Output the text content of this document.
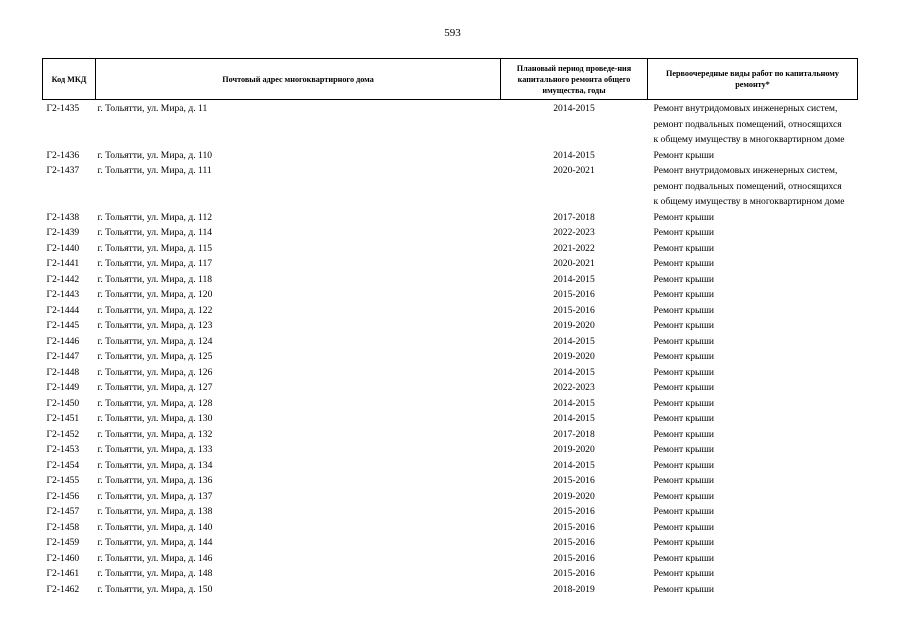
593
Код МКД	Почтовый адрес многоквартирного дома	Плановый период проведе-ния капитального ремонта общего имущества, годы	Первоочередные виды работ по капитальному ремонту*
Г2-1435	г. Тольятти, ул. Мира, д. 11	2014-2015	Ремонт внутридомовых инженерных систем, ремонт подвальных помещений, относящихся к общему имуществу в многоквартирном доме
Г2-1436	г. Тольятти, ул. Мира, д. 110	2014-2015	Ремонт крыши
Г2-1437	г. Тольятти, ул. Мира, д. 111	2020-2021	Ремонт внутридомовых инженерных систем, ремонт подвальных помещений, относящихся к общему имуществу в многоквартирном доме
Г2-1438	г. Тольятти, ул. Мира, д. 112	2017-2018	Ремонт крыши
Г2-1439	г. Тольятти, ул. Мира, д. 114	2022-2023	Ремонт крыши
Г2-1440	г. Тольятти, ул. Мира, д. 115	2021-2022	Ремонт крыши
Г2-1441	г. Тольятти, ул. Мира, д. 117	2020-2021	Ремонт крыши
Г2-1442	г. Тольятти, ул. Мира, д. 118	2014-2015	Ремонт крыши
Г2-1443	г. Тольятти, ул. Мира, д. 120	2015-2016	Ремонт крыши
Г2-1444	г. Тольятти, ул. Мира, д. 122	2015-2016	Ремонт крыши
Г2-1445	г. Тольятти, ул. Мира, д. 123	2019-2020	Ремонт крыши
Г2-1446	г. Тольятти, ул. Мира, д. 124	2014-2015	Ремонт крыши
Г2-1447	г. Тольятти, ул. Мира, д. 125	2019-2020	Ремонт крыши
Г2-1448	г. Тольятти, ул. Мира, д. 126	2014-2015	Ремонт крыши
Г2-1449	г. Тольятти, ул. Мира, д. 127	2022-2023	Ремонт крыши
Г2-1450	г. Тольятти, ул. Мира, д. 128	2014-2015	Ремонт крыши
Г2-1451	г. Тольятти, ул. Мира, д. 130	2014-2015	Ремонт крыши
Г2-1452	г. Тольятти, ул. Мира, д. 132	2017-2018	Ремонт крыши
Г2-1453	г. Тольятти, ул. Мира, д. 133	2019-2020	Ремонт крыши
Г2-1454	г. Тольятти, ул. Мира, д. 134	2014-2015	Ремонт крыши
Г2-1455	г. Тольятти, ул. Мира, д. 136	2015-2016	Ремонт крыши
Г2-1456	г. Тольятти, ул. Мира, д. 137	2019-2020	Ремонт крыши
Г2-1457	г. Тольятти, ул. Мира, д. 138	2015-2016	Ремонт крыши
Г2-1458	г. Тольятти, ул. Мира, д. 140	2015-2016	Ремонт крыши
Г2-1459	г. Тольятти, ул. Мира, д. 144	2015-2016	Ремонт крыши
Г2-1460	г. Тольятти, ул. Мира, д. 146	2015-2016	Ремонт крыши
Г2-1461	г. Тольятти, ул. Мира, д. 148	2015-2016	Ремонт крыши
Г2-1462	г. Тольятти, ул. Мира, д. 150	2018-2019	Ремонт крыши
